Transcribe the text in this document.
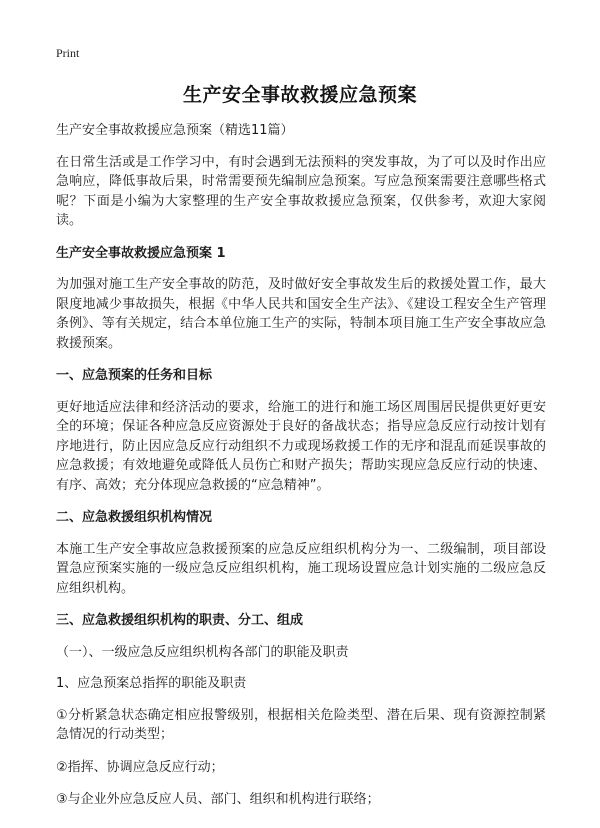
Print
生产安全事故救援应急预案

生产安全事故救援应急预案（精选11篇）

在日常生活或是工作学习中，有时会遇到无法预料的突发事故，为了可以及时作出应急响应，降低事故后果，时常需要预先编制应急预案。写应急预案需要注意哪些格式呢？下面是小编为大家整理的生产安全事故救援应急预案，仅供参考，欢迎大家阅读。

生产安全事故救援应急预案 1

为加强对施工生产安全事故的防范，及时做好安全事故发生后的救援处置工作，最大限度地减少事故损失，根据《中华人民共和国安全生产法》、《建设工程安全生产管理条例》、等有关规定，结合本单位施工生产的实际，特制本项目施工生产安全事故应急救援预案。

一、应急预案的任务和目标

更好地适应法律和经济活动的要求，给施工的进行和施工场区周围居民提供更好更安全的环境；保证各种应急反应资源处于良好的备战状态；指导应急反应行动按计划有序地进行，防止因应急反应行动组织不力或现场救援工作的无序和混乱而延误事故的应急救援；有效地避免或降低人员伤亡和财产损失；帮助实现应急反应行动的快速、有序、高效；充分体现应急救援的“应急精神”。

二、应急救援组织机构情况

本施工生产安全事故应急救援预案的应急反应组织机构分为一、二级编制，项目部设置急应预案实施的一级应急反应组织机构，施工现场设置应急计划实施的二级应急反应组织机构。

三、应急救援组织机构的职责、分工、组成

（一）、一级应急反应组织机构各部门的职能及职责

1、应急预案总指挥的职能及职责

①分析紧急状态确定相应报警级别，根据相关危险类型、潜在后果、现有资源控制紧急情况的行动类型；

②指挥、协调应急反应行动；

③与企业外应急反应人员、部门、组织和机构进行联络；
